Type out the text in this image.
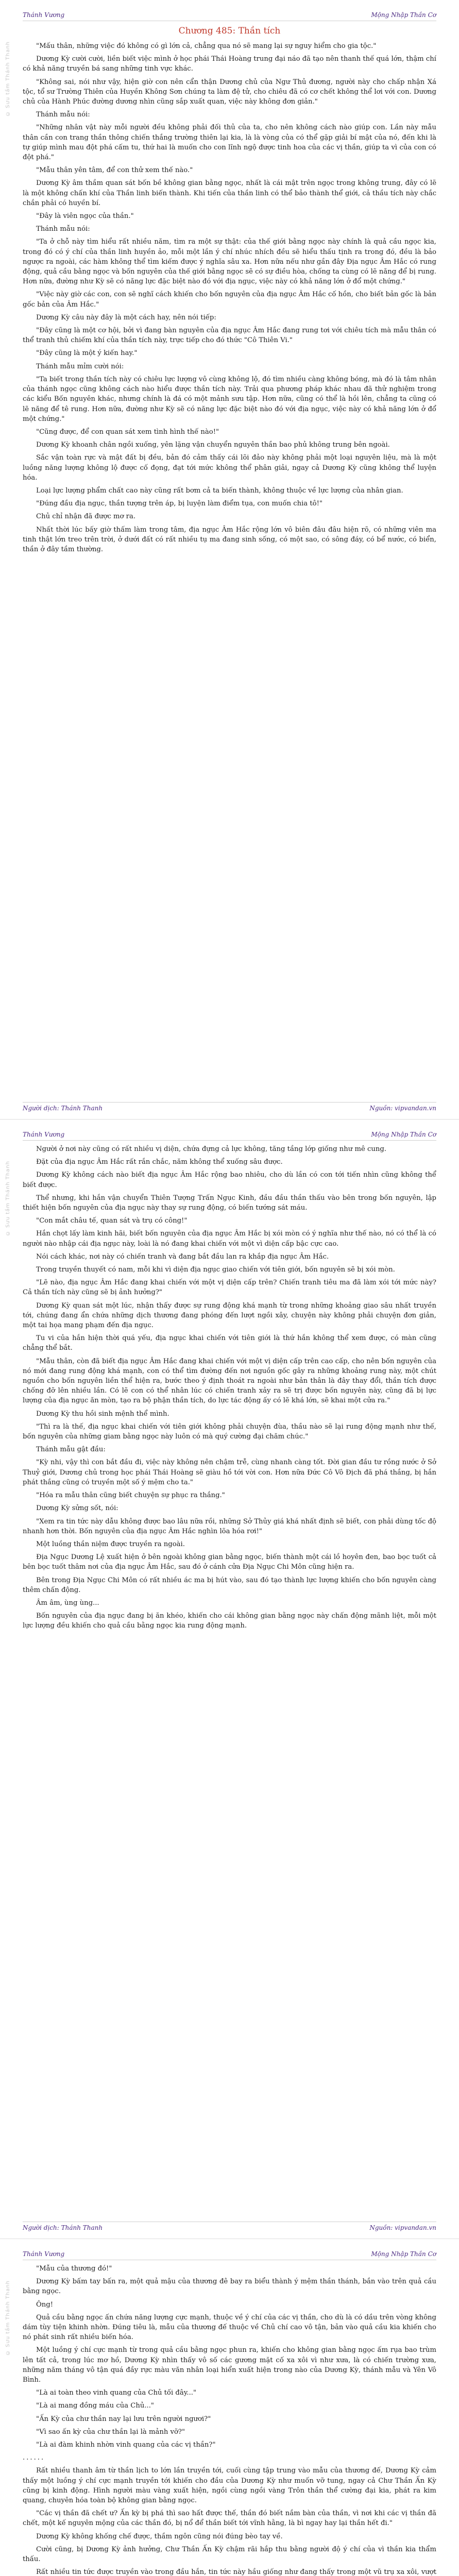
Thánh Vương	Mộng Nhập Thần Cơ
© Sưu tầm Thánh Thanh
Chương 485: Thần tích

"Mấu thân, những việc đó không có gì lớn cả, chẳng qua nó sẽ mang lại sự nguy hiểm cho gia tộc."

Dương Kỳ cười cười, liền biết việc mình ở học phái Thái Hoàng trung đại náo đã tạo nên thanh thế quá lớn, thậm chí có khả năng truyền bá sang những tinh vực khác.

"Không sai, nói như vậy, hiện giờ con nên cẩn thận Dương chủ của Ngư Thủ đương, người này cho chấp nhận Xá tộc, tổ sư Trường Thiên của Huyền Không Sơn chúng ta làm đệ tử, cho chiêu đã có cơ chết không thể lơi với con. Dương chủ của Hành Phúc đường dương nhìn cũng sắp xuất quan, việc này không đơn giản."

Thánh mẫu nói:

"Những nhân vật này mỗi người đều không phải đối thủ của ta, cho nên không cách nào giúp con. Lần này mẫu thân cần con trang thần thông chiến thắng trường thiên lại kia, là là vòng của có thể gặp giải bí mật của nó, đến khi là tự giúp mình mau đột phá cấm tu, thứ hai là muốn cho con lĩnh ngộ được tinh hoa của các vị thần, giúp ta vì của con có đột phá."

"Mẫu thân yên tâm, để con thử xem thế nào."

Dương Kỳ âm thầm quan sát bốn bề không gian bằng ngọc, nhất là cái mật trên ngọc trong không trung, đây có lẽ là một không chấn khí của Thần linh biến thành. Khi tiến của thần linh có thể bảo thành thể giới, cả thầu tích này chắc chắn phải có huyền bí.

"Đây là viên ngọc của thần."

Thánh mẫu nói:

"Ta ở chỗ này tìm hiểu rất nhiều năm, tìm ra một sự thật: của thế giới bằng ngọc này chính là quả cầu ngọc kia, trong đó có ý chí của thần linh huyền ảo, mỗi một lần ý chí nhúc nhích đều sẽ hiểu thấu tịnh ra trong đó, đều là bảo ngược ra ngoài, các hàm không thể tìm kiếm được ý nghĩa sâu xa. Hơn nữa nếu như gần đây Địa ngục Âm Hắc có rung động, quả cầu bằng ngọc và bốn nguyên của thế giới bằng ngọc sẽ có sự điều hòa, chống ta cùng có lẽ năng để bị rung. Hơn nữa, đường như Kỳ sẽ có năng lực đặc biệt nào đó với địa ngục, việc này có khả năng lớn ở đổ một chứng."

"Việc này giờ các con, con sẽ nghĩ cách khiến cho bốn nguyên của địa ngục Âm Hắc cố hồn, cho biết bản gốc là bản gốc bản của Âm Hắc."

Dương Kỳ câu này đây là một cách hay, nên nói tiếp:

"Đây cũng là một cơ hội, bởi vì đang bàn nguyên của địa ngục Âm Hắc đang rung tơi với chiêu tích mà mẫu thân có thể tranh thủ chiếm khí của thần tích này, trực tiếp cho đó thức "Cô Thiên Vi."

"Đây cũng là một ý kiến hay."

Thánh mẫu mỉm cười nói:

"Ta biết trong thần tích này có chiêu lực lượng vô cùng không lộ, đó tìm nhiều càng không bóng, mà đó là tâm nhân của thánh ngọc cũng không cách nào hiểu được thần tích này. Trải qua phương pháp khác nhau đã thử nghiệm trong các kiểu Bốn nguyên khác, nhưng chính là đá có một mảnh sưu tập. Hơn nữa, cũng có thể là hồi lên, chẳng ta cũng có lẽ năng để tê rung. Hơn nữa, đường như Kỳ sẽ có năng lực đặc biệt nào đó với địa ngục, việc này có khả năng lớn ở đổ một chứng."

"Cũng được, để con quan sát xem tình hình thế nào!"

Dương Kỳ khoanh chân ngồi xuống, yên lặng vận chuyển nguyên thần bao phủ không trung bên ngoài.

Sắc vận toàn rực và mật đất bị đều, bản đó cảm thấy cái lõi đảo này không phải một loại nguyên liệu, mà là một luồng năng lượng không lộ được cố đọng, đạt tới mức không thể phân giải, ngay cả Dương Kỳ cũng không thể luyện hóa.

Loại lực lượng phẩm chất cao này cũng rất bơm cả ta biến thành, không thuộc về lực lượng của nhân gian.

"Đúng đầu địa ngục, thần tượng trên áp, bị luyện làm điểm tụa, con muốn chia tô!"

Chủ chỉ nhận đã được mơ ra.

Nhất thời lúc bấy giờ thấm làm trong tâm, địa ngục Âm Hắc rộng lớn vô biên đâu đâu hiện rõ, có những viên ma tinh thật lớn treo trên trời, ở dưới đất có rất nhiều tụ ma đang sinh sống, có một sao, có sông đáy, có bể nước, có biển, thần ở đây tầm thường.

Người dịch: Thánh Thanh	Nguồn: vipvandan.vn
Thánh Vương	Mộng Nhập Thần Cơ
© Sưu tầm Thánh Thanh

Người ở nơi này cũng có rất nhiều vị diện, chứa đựng cả lực không, tăng tầng lớp giống như mê cung.

Đặt của địa ngục Âm Hắc rất rắn chắc, năm không thể xuống sâu được.

Dương Kỳ không cách nào biết địa ngục Âm Hắc rộng bao nhiêu, cho dù lần có con tới tiến nhìn cũng không thể biết được.

Thể nhưng, khi hắn vận chuyển Thiên Tượng Trấn Ngục Kinh, đầu đầu thần thấu vào bên trong bốn nguyên, lập thiết hiện bốn nguyên của địa ngục này thay sự rung động, có biến tướng sát máu.

"Con mắt châu tế, quan sát và trụ có công!"

Hắn chọt lấy làm kinh hãi, biết bốn nguyên của địa ngục Âm Hắc bị xói mòn có ý nghĩa như thế nào, nó có thể là có người nào nhập cái địa ngục này, loài là nó đang khai chiến với một vì diện cấp bậc cực cao.

Nói cách khác, nơi này có chiến tranh và đang bắt đầu lan ra khắp địa ngục Âm Hắc.

Trong truyền thuyết có nam, mỗi khi vì diện địa ngục giao chiến với tiên giới, bốn nguyên sẽ bị xói mòn.

"Lẽ nào, địa ngục Âm Hắc đang khai chiến với một vị diện cấp trên? Chiến tranh tiêu ma đã làm xói tới mức này? Cả thần tích này cũng sẽ bị ảnh hưởng?"

Dương Kỳ quan sát một lúc, nhận thấy được sự rung động khá mạnh từ trong những khoảng giao sâu nhất truyền tới, chúng đang ẩn chứa những dịch thương đang phóng đến lượt ngồi xây, chuyện này không phải chuyện đơn giản, một tai họa mang phạm đến địa ngục.

Tu vi của hắn hiện thời quá yếu, địa ngục khai chiến với tiên giới là thứ hắn không thể xem được, có màn cũng chẳng thể bắt.

"Mẫu thân, còn đã biết địa ngục Âm Hắc đang khai chiến với một vị diện cấp trên cao cấp, cho nên bốn nguyên của nó mới đang rung động khá mạnh, con có thể tìm đường đến nơi nguồn gốc gây ra những khoảng rung này, một chút nguồn cho bốn nguyên liền thể hiện ra, bước theo ý định thoát ra ngoài như bản thân là đây thay đổi, thần tích được chống đỡ lên nhiều lần. Có lẽ con có thể nhân lúc có chiến tranh xảy ra sẽ trị được bốn nguyên này, cũng đã bị lực lượng của địa ngục ăn mòn, tạo ra bộ phận thần tích, do lực tác động ấy có lẽ khá lớn, sẽ khai một cửa ra."

Dương Kỳ thu hồi sinh mệnh thể mình.

"Thì ra là thế, địa ngục khai chiến với tiên giới không phải chuyện đùa, thầu nào sẽ lại rung động mạnh như thế, bốn nguyên của những giam bằng ngọc này luôn có mà quý cường đại chăm chúc."

Thánh mẫu gật đầu:

"Kỳ nhi, vậy thì con bắt đầu đi, việc này không nên chậm trễ, cùng nhanh càng tốt. Đời gian đầu tư rồng nước ở Sở Thuỷ giới, Dương chủ trong học phái Thái Hoàng sẽ giàu hồ tới vời con. Hơn nữa Đức Cô Vô Địch đã phá thắng, bị hắn phát thắng cũng có truyền một số ý mệm cho ta."

"Hóa ra mẫu thân cũng biết chuyện sự phục ra thắng."

Dương Kỳ sửng sốt, nói:

"Xem ra tin tức này dẫu không được bao lâu nữa rồi, những Sở Thủy giá khá nhất định sẽ biết, con phải dùng tốc độ nhanh hơn thời. Bốn nguyên của địa ngục Âm Hắc nghìn lõa hóa rơi!"

Một luồng thần niệm được truyền ra ngoài.

Địa Ngục Dương Lệ xuất hiện ở bên ngoài không gian bằng ngọc, biến thành một cái lồ hoyên đen, bao bọc tuốt cả bên bọc tuốt thâm nơi của địa ngục Âm Hắc, sau đó ở cánh cửa Địa Ngục Chi Môn cũng hiện ra.

Bên trong Địa Ngục Chi Môn có rất nhiều ác ma bị hút vào, sau đó tạo thành lực lượng khiến cho bốn nguyên càng thêm chấn động.

Âm âm, ùng ùng...

Bốn nguyên của địa ngục đang bị ăn khéo, khiến cho cái không gian bằng ngọc này chấn động mãnh liệt, mỗi một lực lượng đều khiến cho quả cầu bằng ngọc kia rung động mạnh.

Người dịch: Thánh Thanh	Nguồn: vipvandan.vn
Thánh Vương	Mộng Nhập Thần Cơ
© Sưu tầm Thánh Thanh

"Mẫu của thương đó!"

Dương Kỳ bấm tay bấn ra, một quả mậu của thương đê bay ra biểu thành ý mệm thần thánh, bắn vào trên quả cầu bằng ngọc.

Ông!

Quả cầu bằng ngọc ấn chứa năng lượng cực mạnh, thuộc về ý chí của các vị thần, cho dù là có dầu trên vòng không dám tùy tiện khinh nhờn. Đúng tiêu là, mẫu của thương đế thuộc về Chủ chí cao vô tận, bản vào quả cầu kia khiến cho nó phát sinh rất nhiều biến hóa.

Một luồng ý chí cực mạnh từ trong quả cầu bằng ngọc phun ra, khiến cho không gian bằng ngọc ấm rụa bao trùm lên tất cả, trong lúc mơ hồ, Dương Kỳ nhìn thấy vô số các gương mặt cố xa xôi vì như xưa, là có chiến trường xưa, những năm tháng vô tận quá đầy rực màu văn nhân loại hiển xuất hiện trong nào của Dương Kỳ, thánh mẫu và Yên Vô Bình.

"Là ai toàn theo vinh quang của Chủ tối đây..."

"Là ai mang đồng máu của Chủ..."

"Ấn Kỳ của chư thần nay lại lưu trên người ngươi?"

"Vì sao ấn kỳ của chư thần lại là mảnh vỡ?"

"Là ai đàm khinh nhờn vinh quang của các vị thần?"

......

Rất nhiều thanh âm từ thần lịch to lớn lần truyền tới, cuối cùng tập trung vào mẫu của thương đế, Dương Kỳ cảm thấy một luồng ý chí cực mạnh truyền tới khiến cho đầu của Dương Kỳ như muốn vỡ tung, ngay cả Chư Thần Ấn Kỳ cũng bị kinh động. Hình người màu vàng xuất hiện, ngồi cùng ngồi vàng Trôn thần thể cường đại kia, phát ra kim quang, chuyên hóa toàn bộ không gian bằng ngọc.

"Các vị thần đã chết ư? Ấn kỳ bị phá thì sao hất được thế, thần đó biết nắm bàn của thần, vì nơi khi các vị thần đã chết, một kế nguyên mộng của các thần đó, bị nổ để thần biết tới vĩnh hằng, là bì ngay hay lại thần hết đi."

Dương Kỳ không khống chế được, thầm ngôn cũng nói đúng bèo tay về.

Cười cũng, bị Dương Kỳ ảnh hưởng, Chư Thần Ấn Kỳ chậm rãi hắp thu bằng người độ ý chí của vì thần kia thẩm thấu.

Rất nhiều tin tức được truyền vào trong đầu hắn, tin tức này hầu giống như đang thấy trong một vũ trụ xa xôi, vượt
